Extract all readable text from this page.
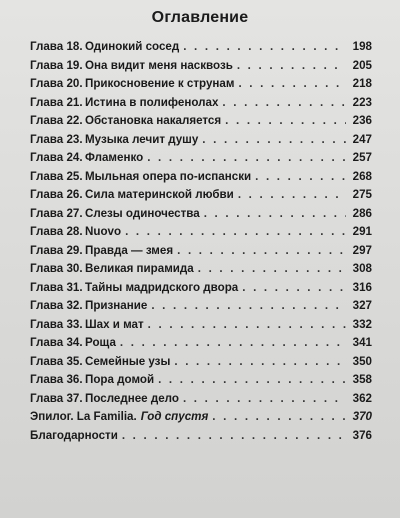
Оглавление
Глава 18. Одинокий сосед . . .	198
Глава 19. Она видит меня насквозь . . .	205
Глава 20. Прикосновение к струнам . . .	218
Глава 21. Истина в полифенолах . . .	223
Глава 22. Обстановка накаляется . . .	236
Глава 23. Музыка лечит душу . . .	247
Глава 24. Фламенко . . .	257
Глава 25. Мыльная опера по-испански . . .	268
Глава 26. Сила материнской любви . . .	275
Глава 27. Слезы одиночества . . .	286
Глава 28. Nuovo . . .	291
Глава 29. Правда — змея . . .	297
Глава 30. Великая пирамида . . .	308
Глава 31. Тайны мадридского двора . . .	316
Глава 32. Признание . . .	327
Глава 33. Шах и мат . . .	332
Глава 34. Роща . . .	341
Глава 35. Семейные узы . . .	350
Глава 36. Пора домой . . .	358
Глава 37. Последнее дело . . .	362
Эпилог. La Familia. Год спустя . . .	370
Благодарности . . .	376
